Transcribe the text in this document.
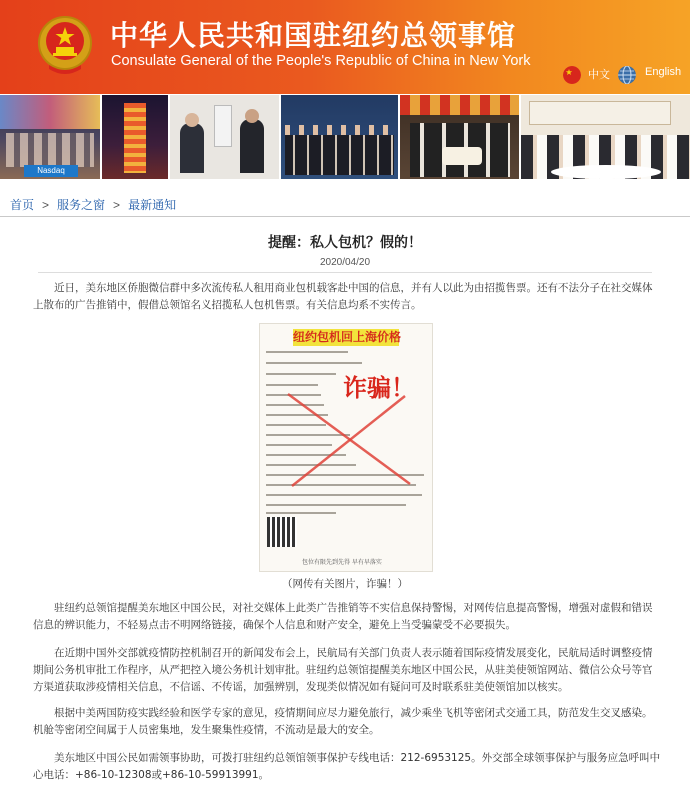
中华人民共和国驻纽约总领事馆
Consulate General of the People's Republic of China in New York
中文	English
Nasdaq
首页 > 服务之窗 > 最新通知
提醒：私人包机？假的！
2020/04/20
近日，美东地区侨胞微信群中多次流传私人租用商业包机载客赴中国的信息，并有人以此为由招揽售票。还有不法分子在社交媒体上散布的广告推销中，假借总领馆名义招揽私人包机售票。有关信息均系不实传言。
纽约包机回上海价格
诈骗！
包位有限先到先得 早有早落实
（网传有关图片，诈骗！）
驻纽约总领馆提醒美东地区中国公民，对社交媒体上此类广告推销等不实信息保持警惕，对网传信息提高警惕，增强对虚假和错误信息的辨识能力，不轻易点击不明网络链接，确保个人信息和财产安全，避免上当受骗蒙受不必要损失。
在近期中国外交部就疫情防控机制召开的新闻发布会上，民航局有关部门负责人表示随着国际疫情发展变化，民航局适时调整疫情期间公务机审批工作程序，从严把控入境公务机计划审批。驻纽约总领馆提醒美东地区中国公民，从驻美使领馆网站、微信公众号等官方渠道获取涉疫情相关信息，不信谣、不传谣，加强辨别，发现类似情况如有疑问可及时联系驻美使领馆加以核实。
根据中美两国防疫实践经验和医学专家的意见，疫情期间应尽力避免旅行，减少乘坐飞机等密闭式交通工具，防范发生交叉感染。机舱等密闭空间属于人员密集地，发生聚集性疫情，不流动是最大的安全。
美东地区中国公民如需领事协助，可拨打驻纽约总领馆领事保护专线电话：212-6953125。外交部全球领事保护与服务应急呼叫中心电话：+86-10-12308或+86-10-59913991。
